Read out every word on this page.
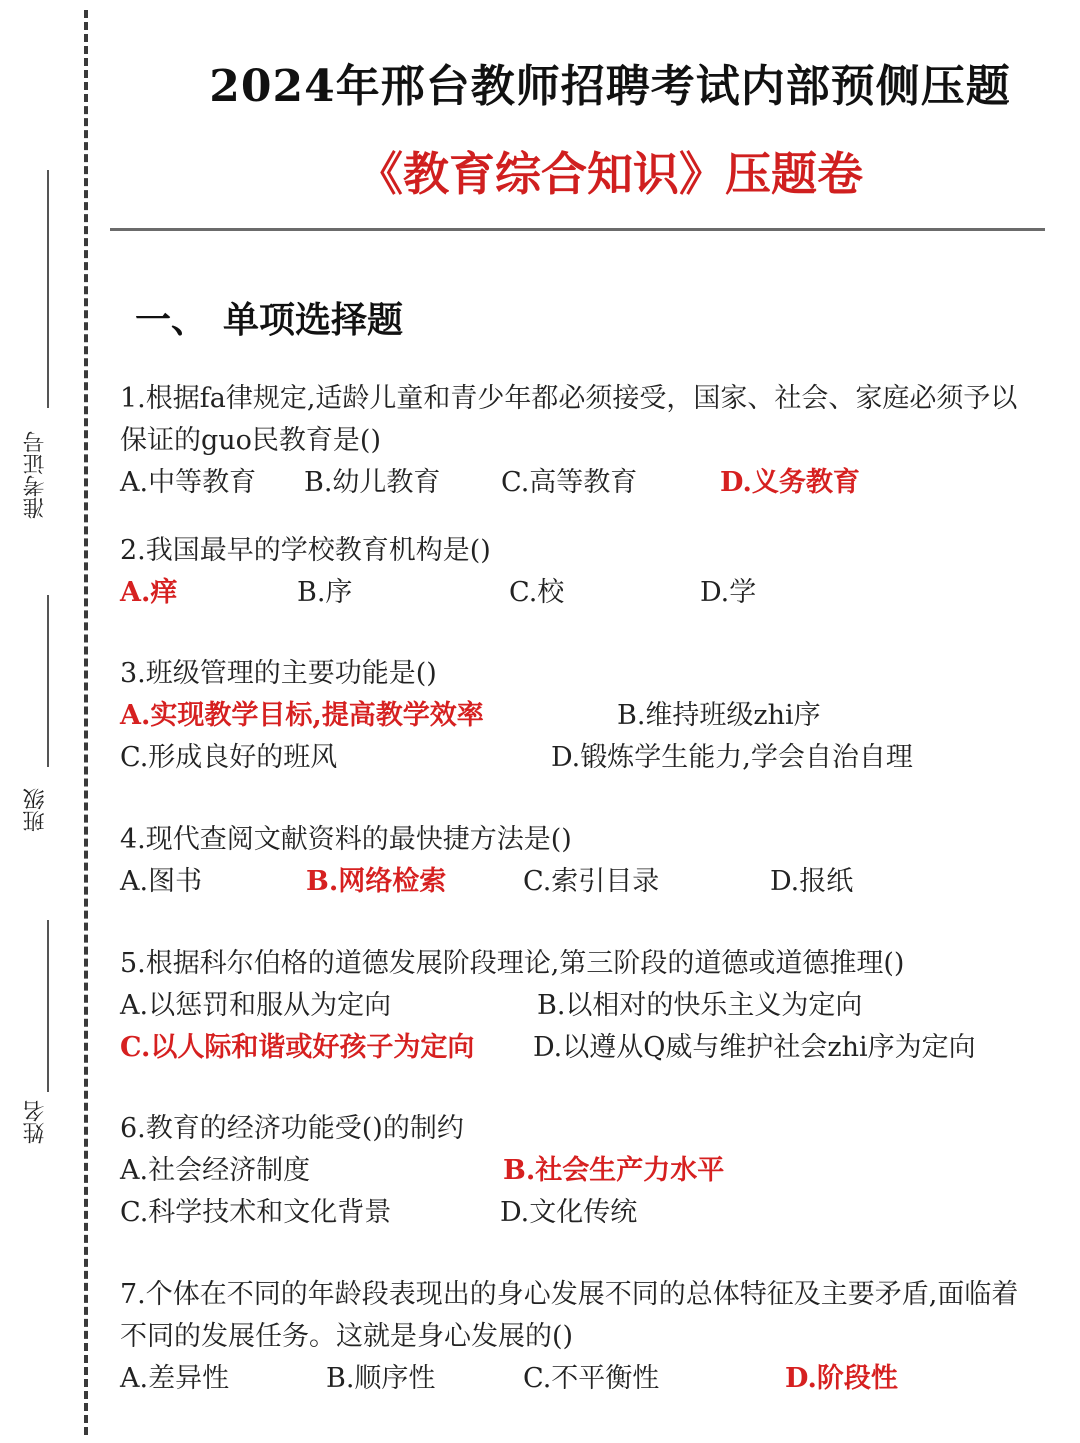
准考证号
班级
姓名
2024年邢台教师招聘考试内部预侧压题
《教育综合知识》压题卷
一、 单项选择题
1.根据fa律规定,适龄儿童和青少年都必须接受，国家、社会、家庭必须予以保证的guo民教育是()
A.中等教育 B.幼儿教育 C.高等教育	D.义务教育
2.我国最早的学校教育机构是()
A.痒	B.序	C.校	D.学
3.班级管理的主要功能是()
A.实现教学目标,提高教学效率	B.维持班级zhi序
C.形成良好的班风	D.锻炼学生能力,学会自治自理
4.现代查阅文献资料的最快捷方法是()
A.图书	B.网络检索	C.索引目录	D.报纸
5.根据科尔伯格的道德发展阶段理论,第三阶段的道德或道德推理()
A.以惩罚和服从为定向	B.以相对的快乐主义为定向
C.以人际和谐或好孩子为定向 D.以遵从Q威与维护社会zhi序为定向
6.教育的经济功能受()的制约
A.社会经济制度	B.社会生产力水平
C.科学技术和文化背景	D.文化传统
7.个体在不同的年龄段表现出的身心发展不同的总体特征及主要矛盾,面临着不同的发展任务。这就是身心发展的()
A.差异性	B.顺序性	C.不平衡性	D.阶段性
